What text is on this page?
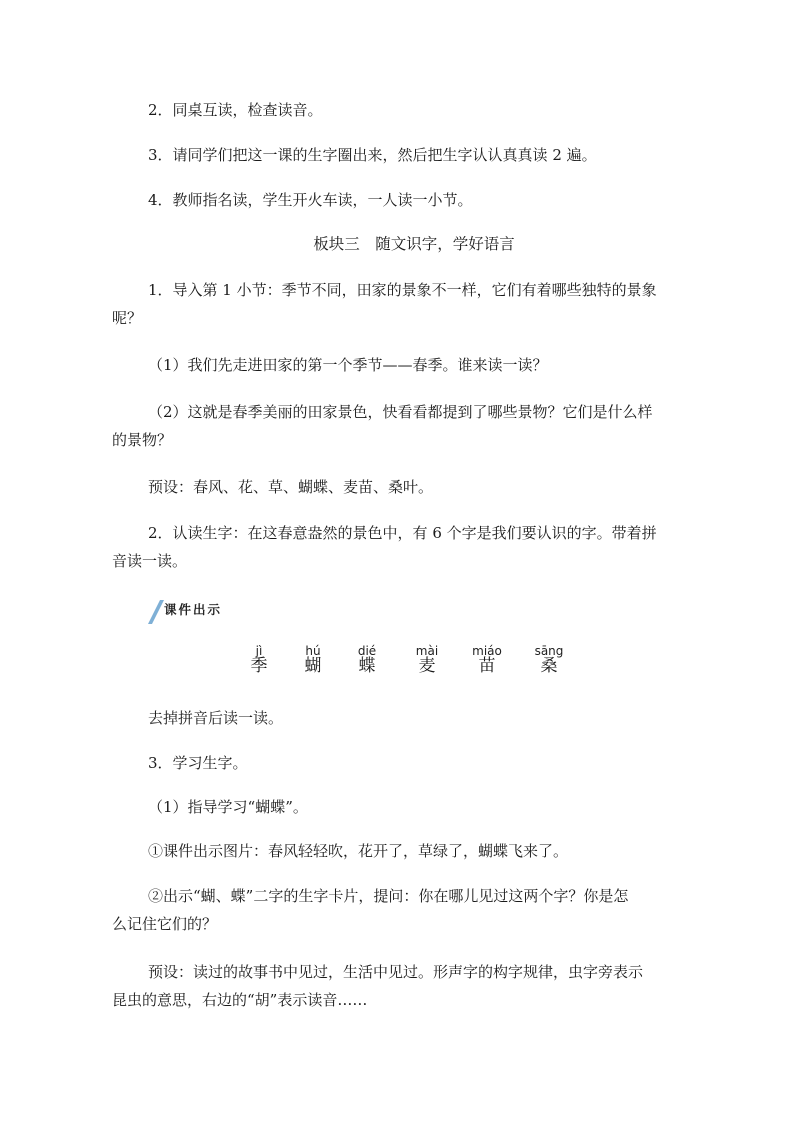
2．同桌互读，检查读音。
3．请同学们把这一课的生字圈出来，然后把生字认认真真读 2 遍。
4．教师指名读，学生开火车读，一人读一小节。
板块三　随文识字，学好语言
1．导入第 1 小节：季节不同，田家的景象不一样，它们有着哪些独特的景象
呢？
（1）我们先走进田家的第一个季节——春季。谁来读一读？
（2）这就是春季美丽的田家景色，快看看都提到了哪些景物？它们是什么样
的景物？
预设：春风、花、草、蝴蝶、麦苗、桑叶。
2．认读生字：在这春意盎然的景色中，有 6 个字是我们要认识的字。带着拼
音读一读。
课件出示
jì
季
hú
蝴
dié
蝶
mài
麦
miáo
苗
sāng
桑
去掉拼音后读一读。
3．学习生字。
（1）指导学习“蝴蝶”。
①课件出示图片：春风轻轻吹，花开了，草绿了，蝴蝶飞来了。
②出示“蝴、蝶”二字的生字卡片，提问：你在哪儿见过这两个字？你是怎
么记住它们的？
预设：读过的故事书中见过，生活中见过。形声字的构字规律，虫字旁表示
昆虫的意思，右边的“胡”表示读音……
